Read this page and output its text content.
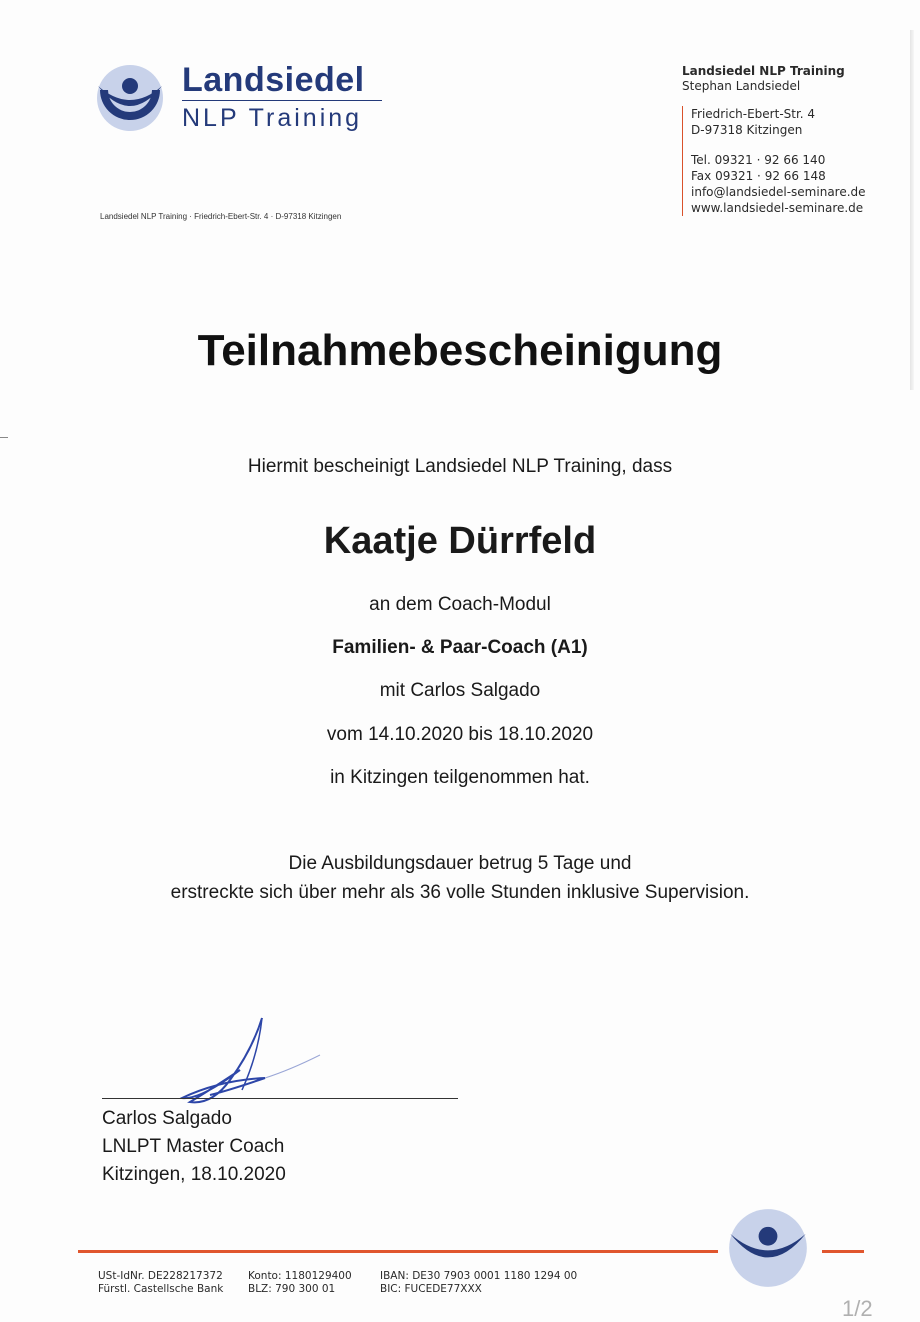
Landsiedel
NLP Training
Landsiedel NLP Training · Friedrich-Ebert-Str. 4 · D-97318 Kitzingen
Landsiedel NLP Training
Stephan Landsiedel
Friedrich-Ebert-Str. 4
D-97318 Kitzingen
Tel. 09321 · 92 66 140
Fax 09321 · 92 66 148
info@landsiedel-seminare.de
www.landsiedel-seminare.de
Teilnahmebescheinigung
Hiermit bescheinigt Landsiedel NLP Training, dass
Kaatje Dürrfeld
an dem Coach-Modul
Familien- & Paar-Coach (A1)
mit Carlos Salgado
vom 14.10.2020 bis 18.10.2020
in Kitzingen teilgenommen hat.
Die Ausbildungsdauer betrug 5 Tage und
erstreckte sich über mehr als 36 volle Stunden inklusive Supervision.
Carlos Salgado
LNLPT Master Coach
Kitzingen, 18.10.2020
USt-IdNr. DE228217372
Fürstl. Castellsche Bank
Konto: 1180129400
BLZ: 790 300 01
IBAN: DE30 7903 0001 1180 1294 00
BIC: FUCEDE77XXX
1/2
